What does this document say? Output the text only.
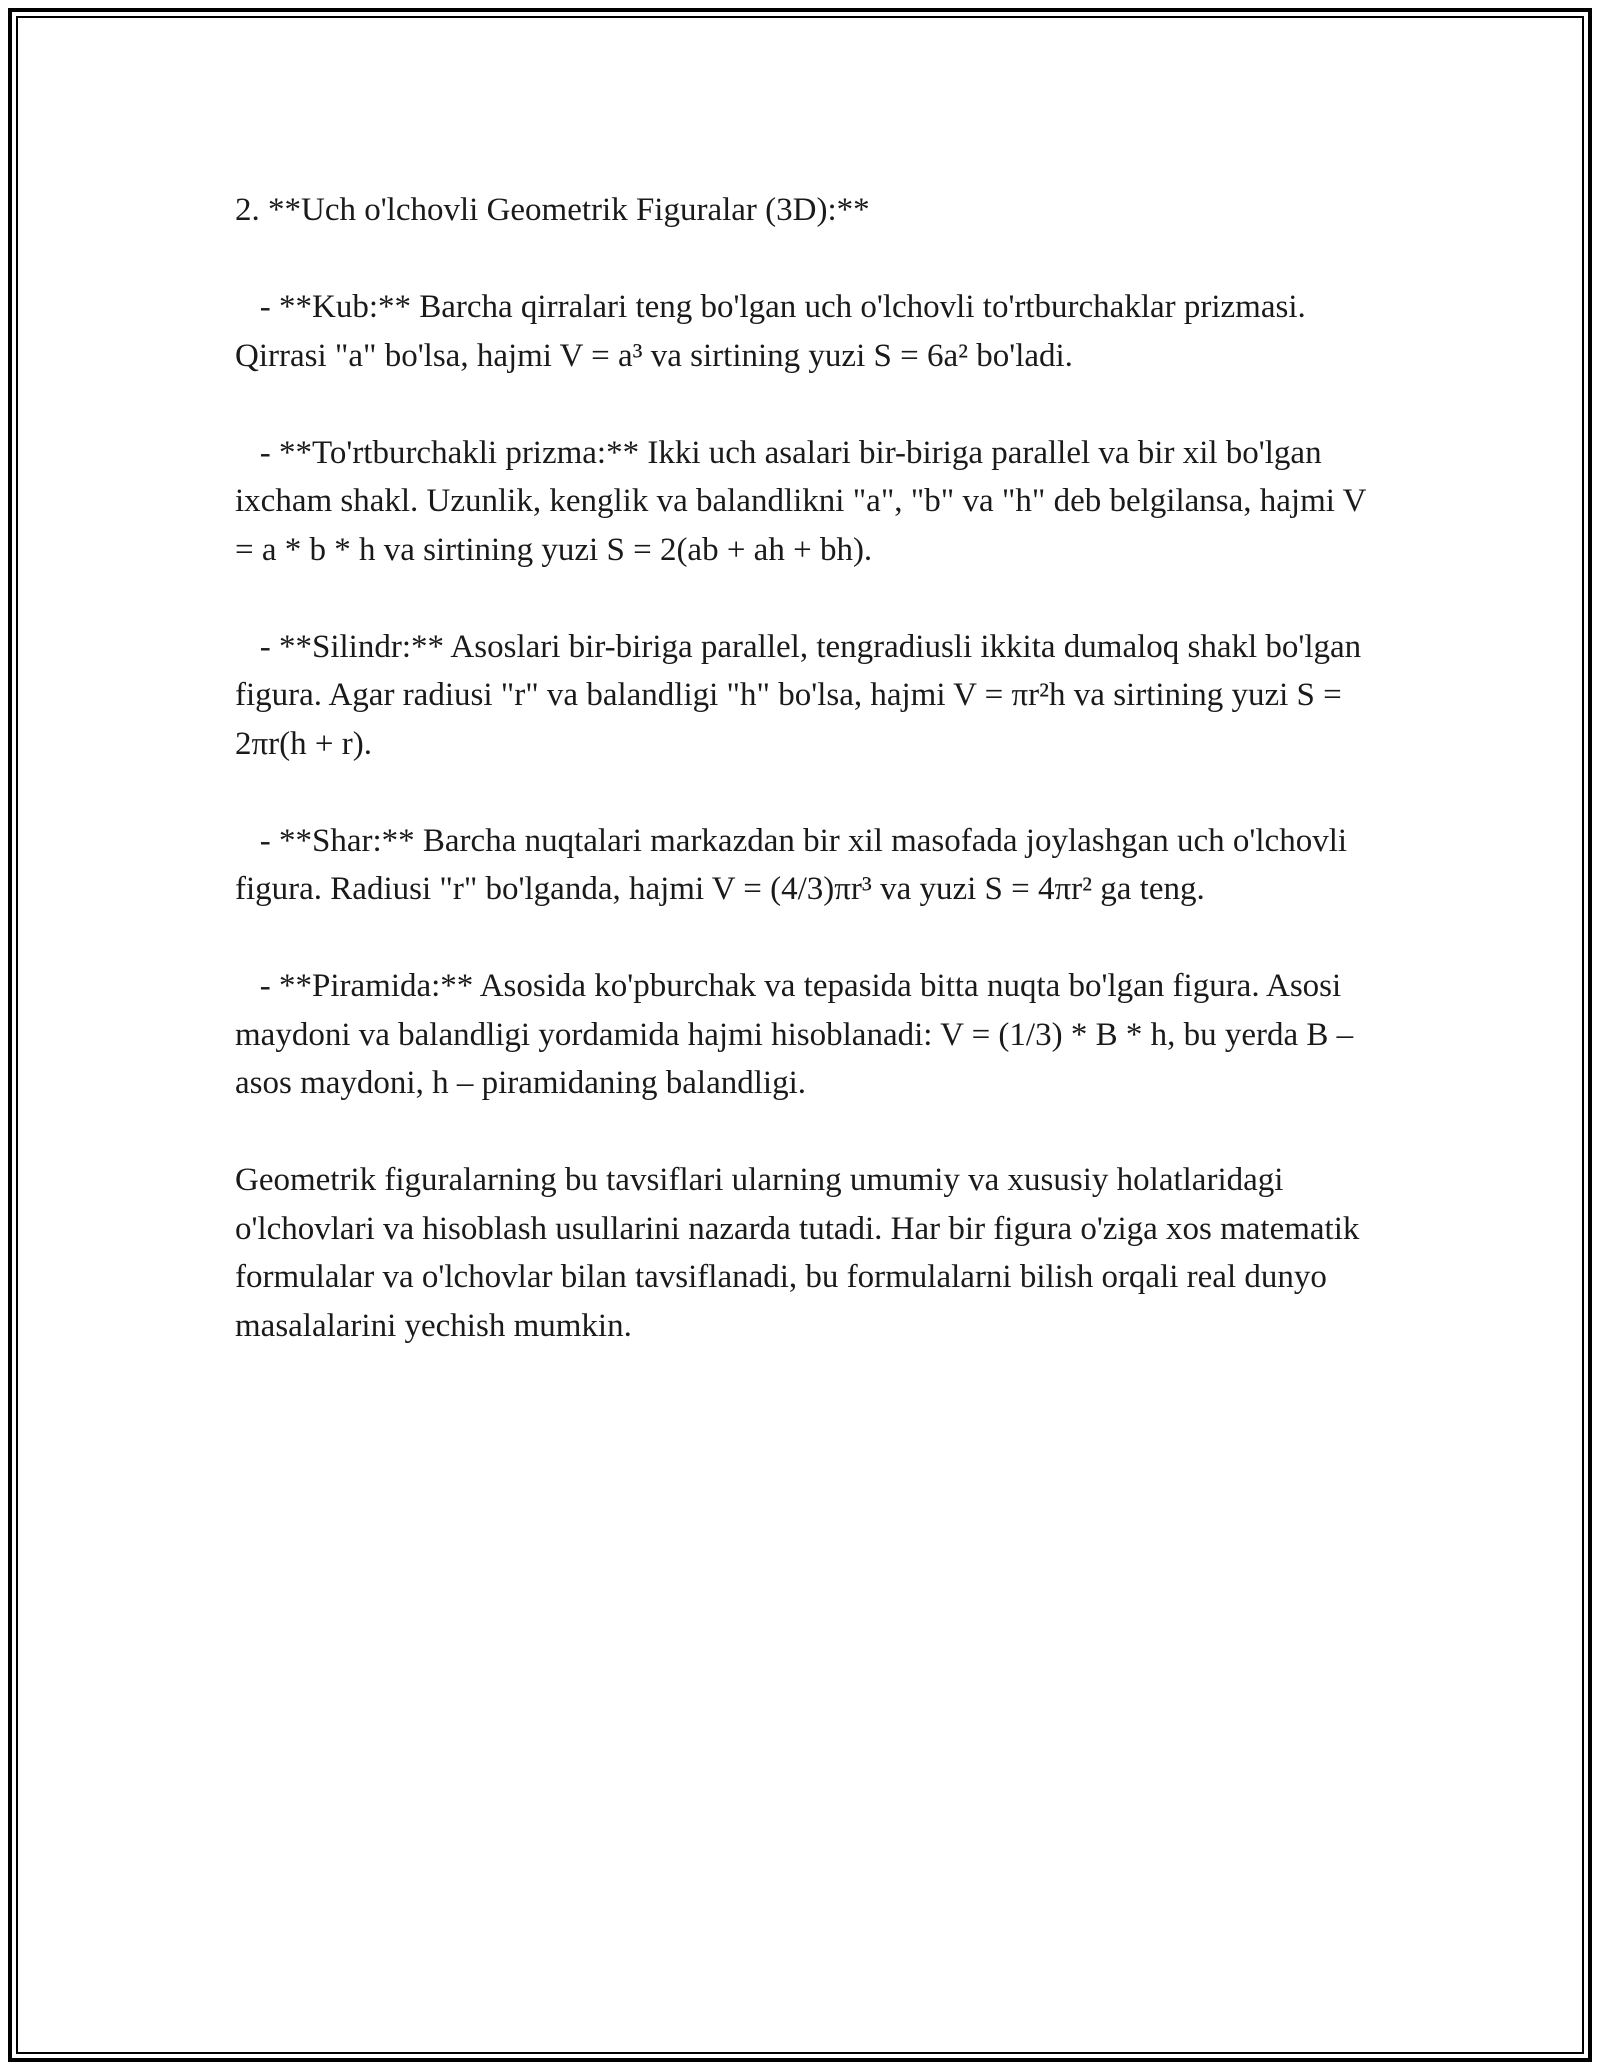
2. **Uch o'lchovli Geometrik Figuralar (3D):**

- **Kub:** Barcha qirralari teng bo'lgan uch o'lchovli to'rtburchaklar prizmasi. Qirrasi "a" bo'lsa, hajmi V = a³ va sirtining yuzi S = 6a² bo'ladi.

- **To'rtburchakli prizma:** Ikki uch asalari bir-biriga parallel va bir xil bo'lgan ixcham shakl. Uzunlik, kenglik va balandlikni "a", "b" va "h" deb belgilansa, hajmi V = a * b * h va sirtining yuzi S = 2(ab + ah + bh).

- **Silindr:** Asoslari bir-biriga parallel, tengradiusli ikkita dumaloq shakl bo'lgan figura. Agar radiusi "r" va balandligi "h" bo'lsa, hajmi V = πr²h va sirtining yuzi S = 2πr(h + r).

- **Shar:** Barcha nuqtalari markazdan bir xil masofada joylashgan uch o'lchovli figura. Radiusi "r" bo'lganda, hajmi V = (4/3)πr³ va yuzi S = 4πr² ga teng.

- **Piramida:** Asosida ko'pburchak va tepasida bitta nuqta bo'lgan figura. Asosi maydoni va balandligi yordamida hajmi hisoblanadi: V = (1/3) * B * h, bu yerda B – asos maydoni, h – piramidaning balandligi.

Geometrik figuralarning bu tavsiflari ularning umumiy va xususiy holatlaridagi o'lchovlari va hisoblash usullarini nazarda tutadi. Har bir figura o'ziga xos matematik formulalar va o'lchovlar bilan tavsiflanadi, bu formulalarni bilish orqali real dunyo masalalarini yechish mumkin.
